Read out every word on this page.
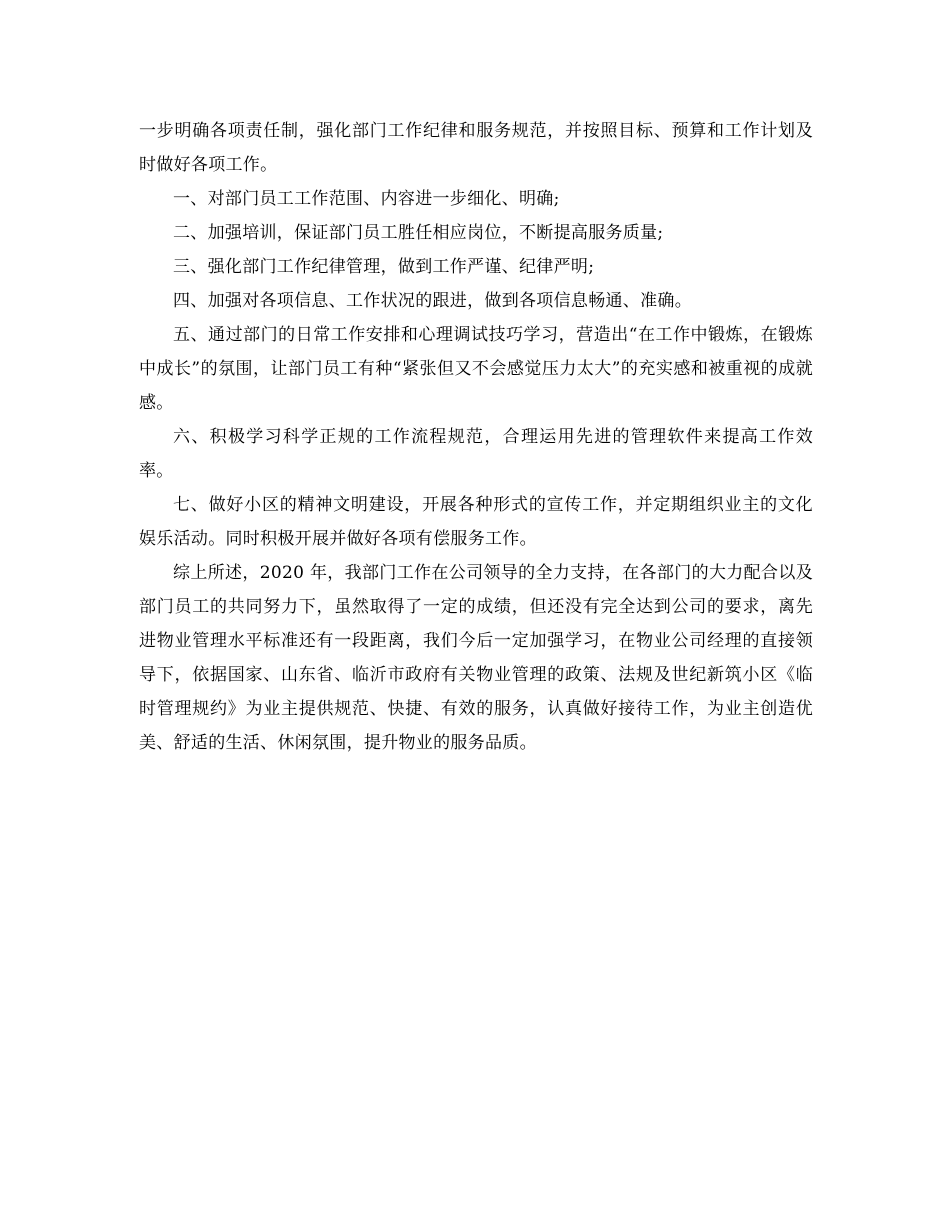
一步明确各项责任制，强化部门工作纪律和服务规范，并按照目标、预算和工作计划及时做好各项工作。

一、对部门员工工作范围、内容进一步细化、明确;

二、加强培训，保证部门员工胜任相应岗位，不断提高服务质量;

三、强化部门工作纪律管理，做到工作严谨、纪律严明;

四、加强对各项信息、工作状况的跟进，做到各项信息畅通、准确。

五、通过部门的日常工作安排和心理调试技巧学习，营造出“在工作中锻炼，在锻炼中成长”的氛围，让部门员工有种“紧张但又不会感觉压力太大”的充实感和被重视的成就感。

六、积极学习科学正规的工作流程规范，合理运用先进的管理软件来提高工作效率。

七、做好小区的精神文明建设，开展各种形式的宣传工作，并定期组织业主的文化娱乐活动。同时积极开展并做好各项有偿服务工作。

综上所述，2020 年，我部门工作在公司领导的全力支持，在各部门的大力配合以及部门员工的共同努力下，虽然取得了一定的成绩，但还没有完全达到公司的要求，离先进物业管理水平标准还有一段距离，我们今后一定加强学习，在物业公司经理的直接领导下，依据国家、山东省、临沂市政府有关物业管理的政策、法规及世纪新筑小区《临时管理规约》为业主提供规范、快捷、有效的服务，认真做好接待工作，为业主创造优美、舒适的生活、休闲氛围，提升物业的服务品质。
